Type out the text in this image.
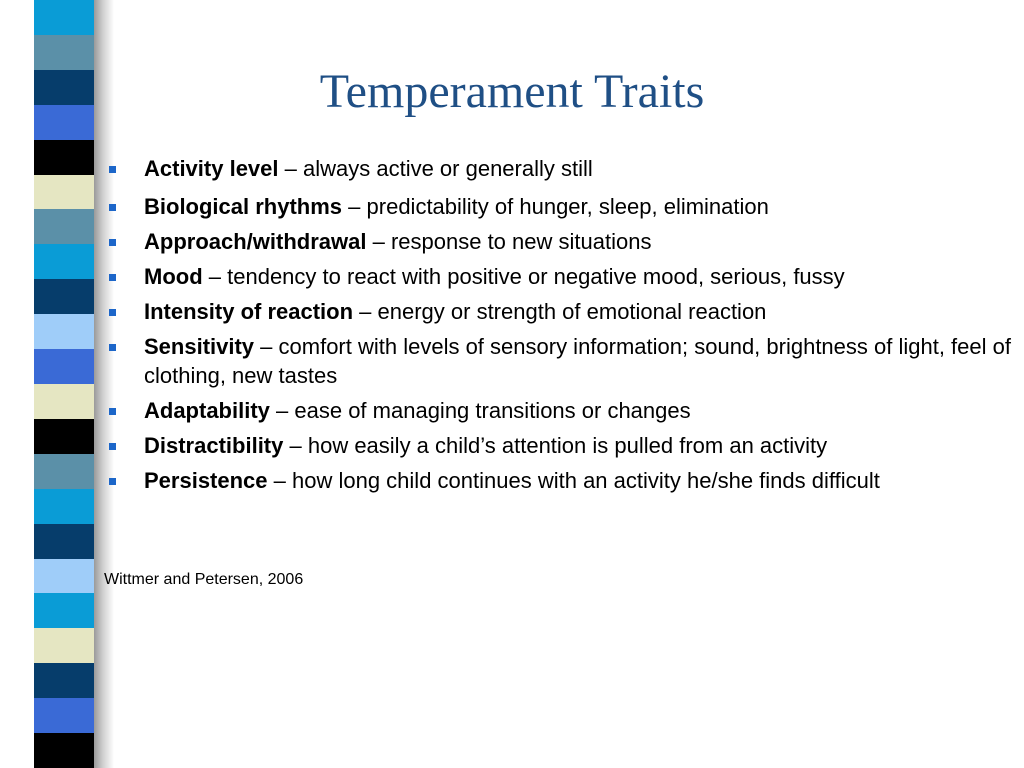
Temperament Traits
Activity level – always active or generally still
Biological rhythms – predictability of hunger, sleep, elimination
Approach/withdrawal – response to new situations
Mood – tendency to react with positive or negative mood, serious, fussy
Intensity of reaction – energy or strength of emotional reaction
Sensitivity – comfort with levels of sensory information; sound, brightness of light, feel of clothing, new tastes
Adaptability – ease of managing transitions or changes
Distractibility – how easily a child’s attention is pulled from an activity
Persistence – how long child continues with an activity he/she finds difficult
Wittmer and Petersen, 2006
